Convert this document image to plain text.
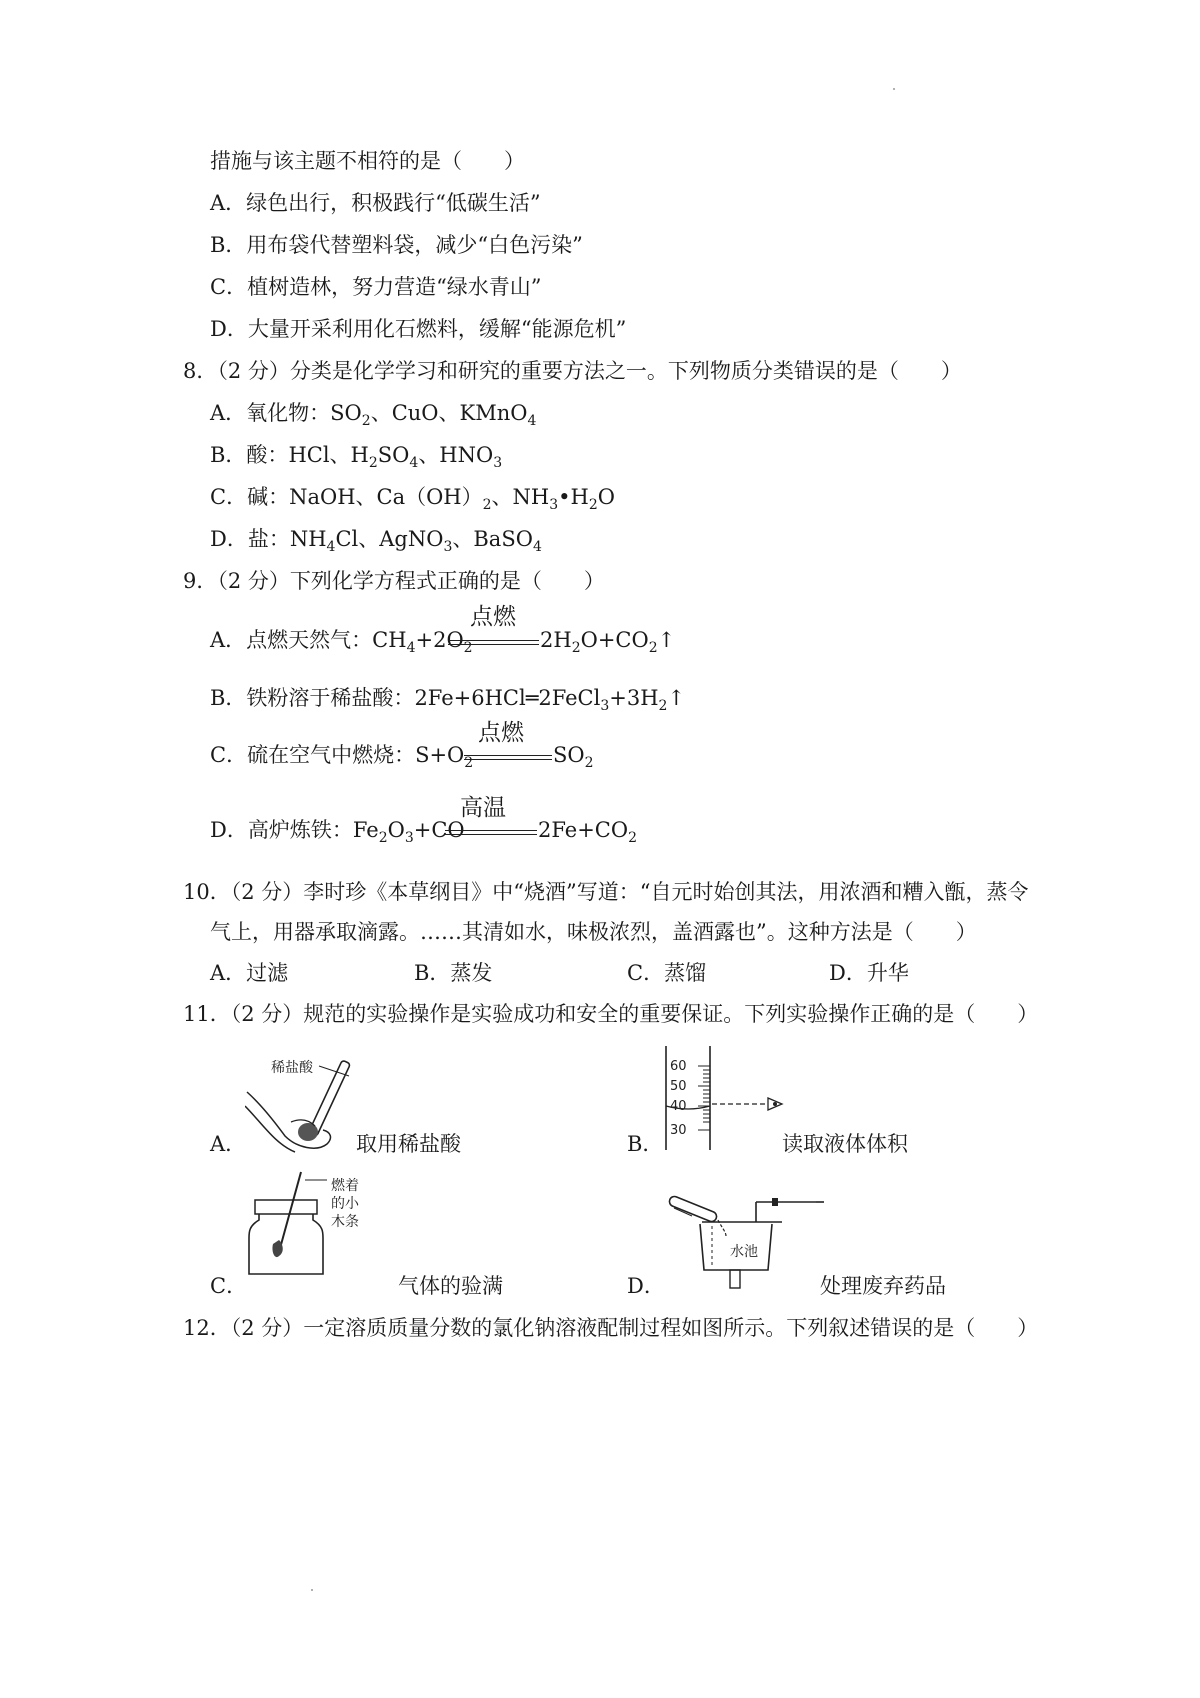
措施与该主题不相符的是（　　）
A．绿色出行，积极践行“低碳生活”
B．用布袋代替塑料袋，减少“白色污染”
C．植树造林，努力营造“绿水青山”
D．大量开采利用化石燃料，缓解“能源危机”
8．（2 分）分类是化学学习和研究的重要方法之一。下列物质分类错误的是（　　）
A．氧化物：$SO_2$、CuO、KMnO$_4$
B．酸：HCl、$H_2SO_4$、$HNO_3$
C．碱：NaOH、$Ca(OH)_2$、$NH_3•H_2O$
D．盐：$NH_4Cl$、AgNO$_3$、BaSO$_4$
9．（2 分）下列化学方程式正确的是（　　）
A．点燃天然气：$CH_4+2O_2$
点燃
$2H_2O+CO_2↑$
B．铁粉溶于稀盐酸：$2Fe+6HCl═2FeCl_3+3H_2↑$
C．硫在空气中燃烧：$S+O_2$
点燃
$SO_2$
D．高炉炼铁：$Fe_2O_3+CO$
高温
$2Fe+CO_2$
10．（2 分）李时珍《本草纲目》中“烧酒”写道：“自元时始创其法，用浓酒和糟入甑，蒸令
气上，用器承取滴露。……其清如水，味极浓烈，盖酒露也”。这种方法是（　　）
A．过滤	B．蒸发	C．蒸馏	D．升华
11．（2 分）规范的实验操作是实验成功和安全的重要保证。下列实验操作正确的是（　　）
A．
稀盐酸
取用稀盐酸	B．
60
50
40
30
读取液体体积
C．
燃着
的小
木条
气体的验满	D．
水池
处理废弃药品
12．（2 分）一定溶质质量分数的氯化钠溶液配制过程如图所示。下列叙述错误的是（　　）
